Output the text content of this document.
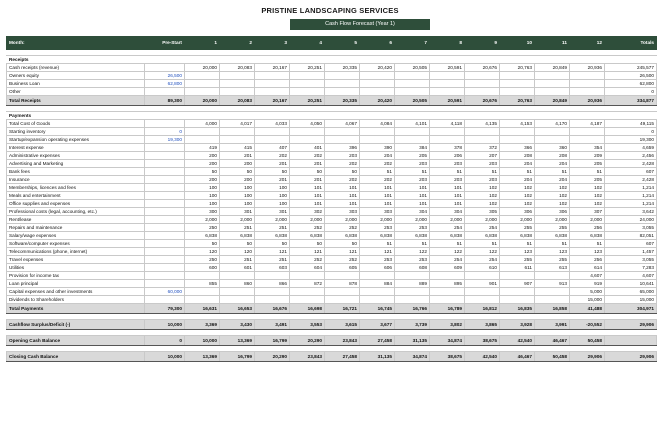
PRISTINE LANDSCAPING SERVICES
Cash Flow Forecast (Year 1)
Month:	Pre-Start	1	2	3	4	5	6	7	8	9	10	11	12	Totals

Receipts														
Cash receipts (revenue)		20,000	20,083	20,167	20,251	20,335	20,420	20,505	20,591	20,676	20,763	20,849	20,936	245,577
Owners equity	26,500													26,500
Business Loan	62,800													62,800
Other														0
Total Receipts	89,300	20,000	20,083	20,167	20,251	20,335	20,420	20,505	20,591	20,676	20,763	20,849	20,936	334,877

Payments														
Total Cost of Goods		4,000	4,017	4,033	4,050	4,067	4,084	4,101	4,118	4,135	4,153	4,170	4,187	49,115
Starting inventory	0													0
Startup/expansion operating expenses	19,300													19,300
Interest expense		419	415	407	401	396	390	384	378	372	366	360	354	4,659
Administrative expenses		200	201	202	202	203	204	205	206	207	208	208	209	2,456
Advertising and Marketing		200	200	201	201	202	202	203	203	203	204	204	205	2,428
Bank fees		50	50	50	50	50	51	51	51	51	51	51	51	607
Insurance		200	200	201	201	202	202	203	203	203	204	204	205	2,428
Memberships, licences and fees		100	100	100	101	101	101	101	101	102	102	102	102	1,214
Meals and entertainment		100	100	100	101	101	101	101	101	102	102	102	102	1,214
Office supplies and expenses		100	100	100	101	101	101	101	101	102	102	102	102	1,214
Professional costs (legal, accounting, etc.)		300	301	301	302	303	303	304	304	305	306	306	307	3,642
Rent/lease		2,000	2,000	2,000	2,000	2,000	2,000	2,000	2,000	2,000	2,000	2,000	2,000	24,000
Repairs and maintenance		250	251	251	252	252	253	253	254	254	255	255	256	3,055
Salary/wage expenses		6,838	6,838	6,838	6,838	6,838	6,838	6,838	6,838	6,838	6,838	6,838	6,838	82,051
Software/computer expenses		50	50	50	50	50	51	51	51	51	51	51	51	607
Telecommunications (phone, internet)		120	120	121	121	121	121	122	122	122	123	123	123	1,457
Travel expenses		250	251	251	252	252	253	253	254	254	255	255	256	3,055
Utilities		600	601	603	604	605	606	608	609	610	611	613	614	7,283
Provision for income tax													4,607	4,607
Loan principal		855	860	866	872	878	884	889	895	901	907	913	919	10,641
Capital expenses and other investments	60,000												5,000	65,000
Dividends to Shareholders													15,000	15,000
Total Payments	79,300	16,631	16,653	16,676	16,698	16,721	16,745	16,766	16,789	16,812	16,835	16,858	41,488	304,971

Cashflow Surplus/Deficit (-)	10,000	3,369	3,430	3,491	3,553	3,615	3,677	3,739	3,802	3,865	3,928	3,991	-20,552	29,906

Opening Cash Balance	0	10,000	13,369	16,799	20,290	23,843	27,458	31,135	34,874	38,675	42,540	46,467	50,458	

Closing Cash Balance	10,000	13,369	16,799	20,290	23,843	27,458	31,135	34,874	38,675	42,540	46,467	50,458	29,906	29,906
